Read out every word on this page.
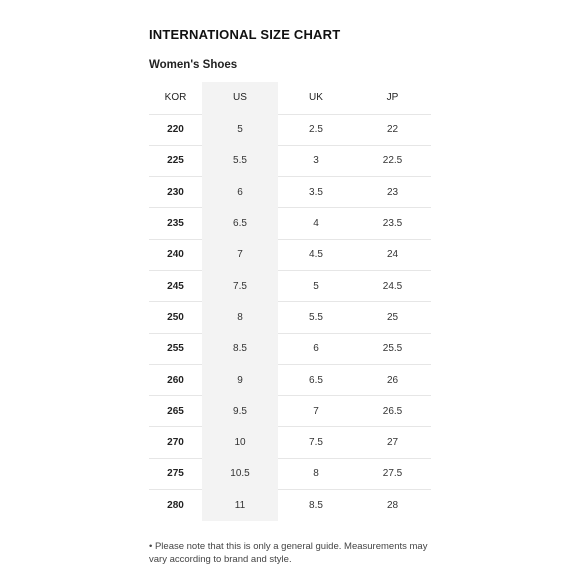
INTERNATIONAL SIZE CHART
Women's Shoes
KOR	US	UK	JP
220	5	2.5	22
225	5.5	3	22.5
230	6	3.5	23
235	6.5	4	23.5
240	7	4.5	24
245	7.5	5	24.5
250	8	5.5	25
255	8.5	6	25.5
260	9	6.5	26
265	9.5	7	26.5
270	10	7.5	27
275	10.5	8	27.5
280	11	8.5	28
• Please note that this is only a general guide. Measurements may vary according to brand and style.
